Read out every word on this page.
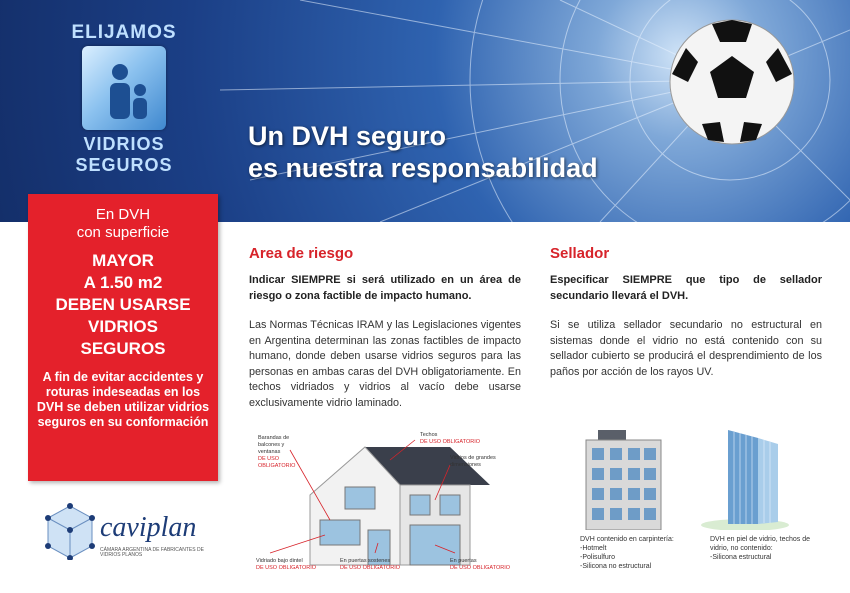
ELIJAMOS
VIDRIOS
SEGUROS
Un DVH seguro
es nuestra responsabilidad
En DVH
con superficie
MAYOR
A 1.50 m2
DEBEN USARSE
VIDRIOS
SEGUROS
A fin de evitar accidentes y roturas indeseadas en los DVH se deben utilizar vidrios seguros en su conformación
caviplan
CÁMARA ARGENTINA DE FABRICANTES DE VIDRIOS PLANOS
Area de riesgo
Indicar SIEMPRE si será utilizado en un área de riesgo o zona factible de impacto humano.
Las Normas Técnicas IRAM y las Legislaciones vigentes en Argentina determinan las zonas factibles de impacto humano, donde deben usarse vidrios seguros para las personas en ambas caras del DVH obligatoriamente. En techos vidriados y vidrios al vacío debe usarse exclusivamente vidrio laminado.
Barandas de balcones y ventanas
DE USO OBLIGATORIO
Techos
DE USO OBLIGATORIO
Vidrios de grandes dimensiones
Vidriado bajo dintel
DE USO OBLIGATORIO
En puertas sostenes
DE USO OBLIGATORIO
En puertas
DE USO OBLIGATORIO
Sellador
Especificar SIEMPRE que tipo de sellador secundario llevará el DVH.
Si se utiliza sellador secundario no estructural en sistemas donde el vidrio no está contenido con su sellador cubierto se producirá el desprendimiento de los paños por acción de los rayos UV.
DVH contenido en carpintería:
-Hotmelt
-Polisulfuro
-Silicona no estructural
DVH en piel de vidrio, techos de vidrio, no contenido:
-Silicona estructural
